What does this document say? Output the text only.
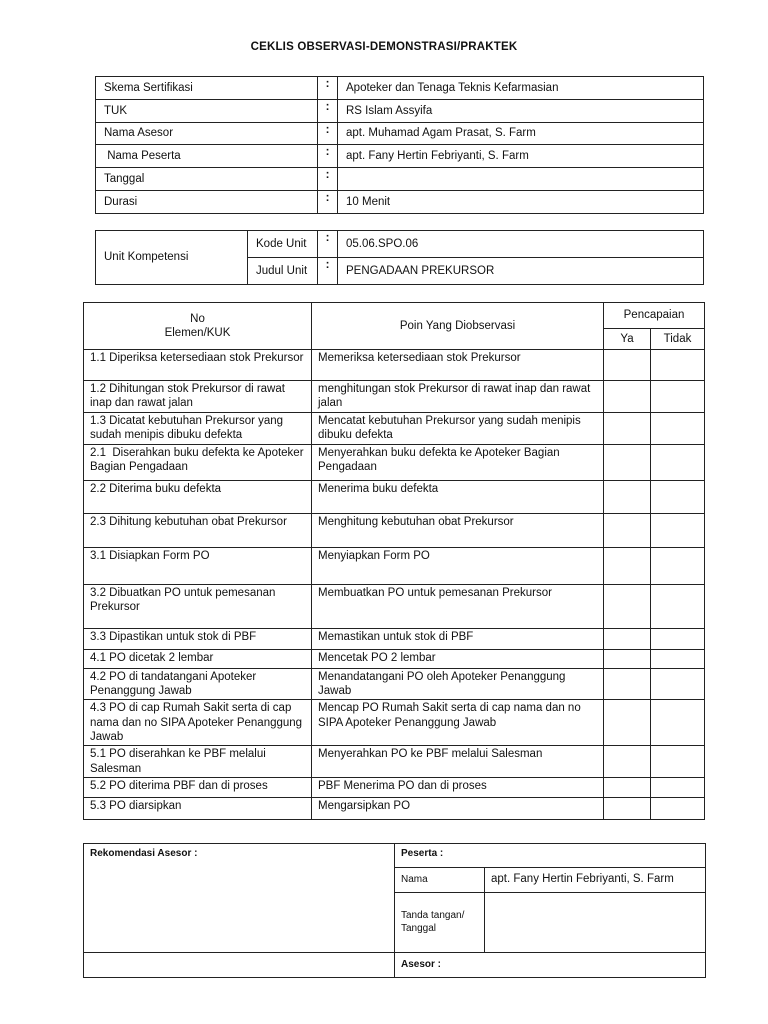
CEKLIS OBSERVASI-DEMONSTRASI/PRAKTEK
Skema Sertifikasi	:	Apoteker dan Tenaga Teknis Kefarmasian
TUK	:	RS Islam Assyifa
Nama Asesor	:	apt. Muhamad Agam Prasat, S. Farm
Nama Peserta	:	apt. Fany Hertin Febriyanti, S. Farm
Tanggal	:	
Durasi	:	10 Menit
Unit Kompetensi	Kode Unit	:	05.06.SPO.06
	Judul Unit	:	PENGADAAN PREKURSOR
No
Elemen/KUK	Poin Yang Diobservasi	Pencapaian	
		Ya	Tidak
1.1 Diperiksa ketersediaan stok Prekursor	Memeriksa ketersediaan stok Prekursor		
1.2 Dihitungan stok Prekursor di rawat inap dan rawat jalan	menghitungan stok Prekursor di rawat inap dan rawat jalan		
1.3 Dicatat kebutuhan Prekursor yang sudah menipis dibuku defekta	Mencatat kebutuhan Prekursor yang sudah menipis dibuku defekta		
2.1  Diserahkan buku defekta ke Apoteker Bagian Pengadaan	Menyerahkan buku defekta ke Apoteker Bagian Pengadaan		
2.2 Diterima buku defekta	Menerima buku defekta		
2.3 Dihitung kebutuhan obat Prekursor	Menghitung kebutuhan obat Prekursor		
3.1 Disiapkan Form PO	Menyiapkan Form PO		
3.2 Dibuatkan PO untuk pemesanan Prekursor	Membuatkan PO untuk pemesanan Prekursor		
3.3 Dipastikan untuk stok di PBF	Memastikan untuk stok di PBF		
4.1 PO dicetak 2 lembar	Mencetak PO 2 lembar		
4.2 PO di tandatangani Apoteker Penanggung Jawab	Menandatangani PO oleh Apoteker Penanggung Jawab		
4.3 PO di cap Rumah Sakit serta di cap nama dan no SIPA Apoteker Penanggung Jawab	Mencap PO Rumah Sakit serta di cap nama dan no SIPA Apoteker Penanggung Jawab		
5.1 PO diserahkan ke PBF melalui Salesman	Menyerahkan PO ke PBF melalui Salesman		
5.2 PO diterima PBF dan di proses	PBF Menerima PO dan di proses		
5.3 PO diarsipkan	Mengarsipkan PO		
Rekomendasi Asesor :	Peserta :	
	Nama	apt. Fany Hertin Febriyanti, S. Farm
	Tanda tangan/ Tanggal	
	Asesor :	
